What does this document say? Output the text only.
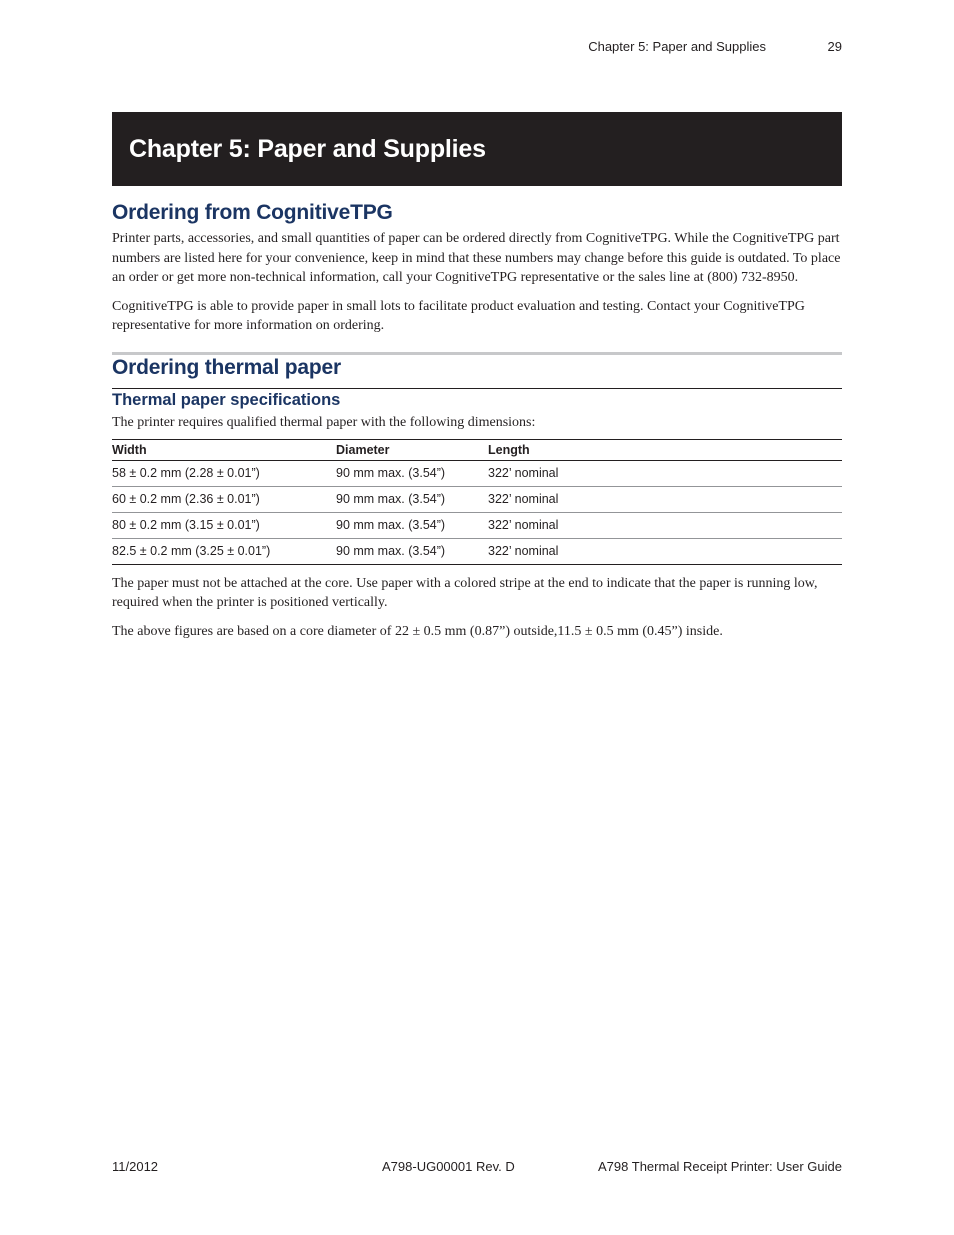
Chapter 5: Paper and Supplies	29
Chapter 5: Paper and Supplies
Ordering from CognitiveTPG

Printer parts, accessories, and small quantities of paper can be ordered directly from CognitiveTPG. While the CognitiveTPG part numbers are listed here for your convenience, keep in mind that these numbers may change before this guide is outdated. To place an order or get more non-technical information, call your CognitiveTPG representative or the sales line at (800) 732-8950.

CognitiveTPG is able to provide paper in small lots to facilitate product evaluation and testing. Contact your CognitiveTPG representative for more information on ordering.

Ordering thermal paper
Thermal paper specifications

The printer requires qualified thermal paper with the following dimensions:

Width	Diameter	Length
58 ± 0.2 mm (2.28 ± 0.01”)	90 mm max. (3.54”)	322’ nominal
60 ± 0.2 mm (2.36 ± 0.01”)	90 mm max. (3.54”)	322’ nominal
80 ± 0.2 mm (3.15 ± 0.01”)	90 mm max. (3.54”)	322’ nominal
82.5 ± 0.2 mm (3.25 ± 0.01”)	90 mm max. (3.54”)	322’ nominal

The paper must not be attached at the core. Use paper with a colored stripe at the end to indicate that the paper is running low, required when the printer is positioned vertically.

The above figures are based on a core diameter of 22 ± 0.5 mm (0.87”) outside,11.5 ± 0.5 mm (0.45”) inside.

11/2012	A798-UG00001 Rev. D	A798 Thermal Receipt Printer: User Guide
